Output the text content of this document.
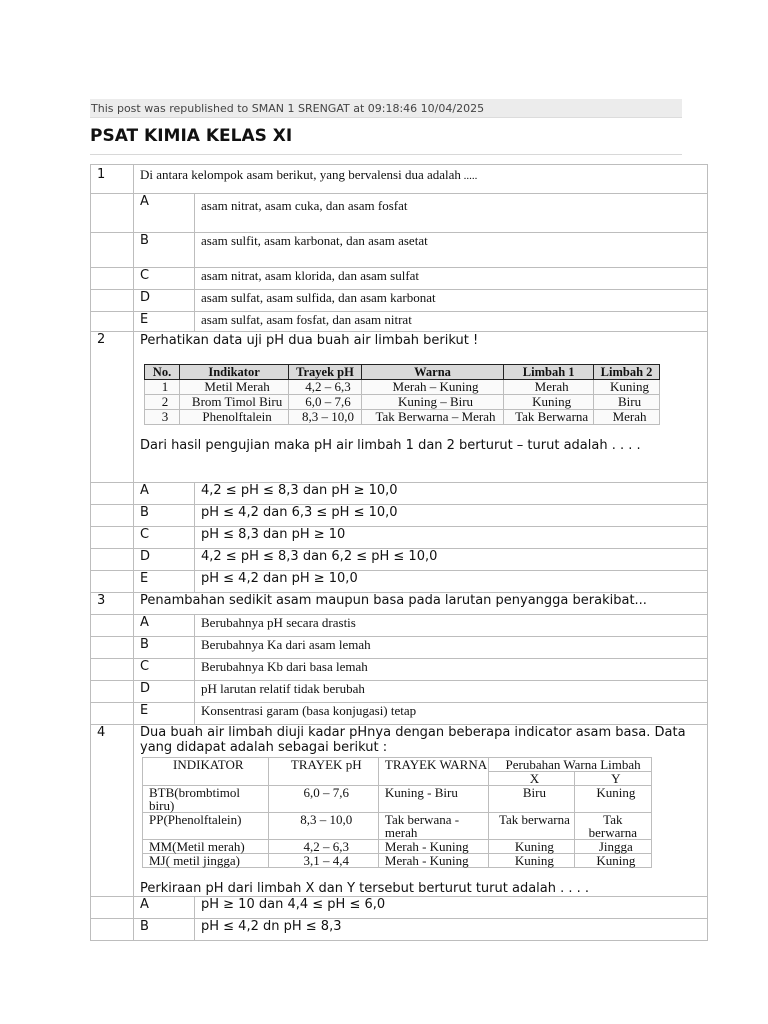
This post was republished to SMAN 1 SRENGAT at 09:18:46 10/04/2025
PSAT KIMIA KELAS XI
1	Di antara kelompok asam berikut, yang bervalensi dua adalah .....
	A	asam nitrat, asam cuka, dan asam fosfat
	B	asam sulfit, asam karbonat, dan asam asetat
	C	asam nitrat, asam klorida, dan asam sulfat
	D	asam sulfat, asam sulfida, dan asam karbonat
	E	asam sulfat, asam fosfat, dan asam nitrat
2	Perhatikan data uji pH dua buah air limbah berikut !
No.	Indikator	Trayek pH	Warna	Limbah 1	Limbah 2
1	Metil Merah	4,2 – 6,3	Merah – Kuning	Merah	Kuning
2	Brom Timol Biru	6,0 – 7,6	Kuning – Biru	Kuning	Biru
3	Phenolftalein	8,3 – 10,0	Tak Berwarna – Merah	Tak Berwarna	Merah
Dari hasil pengujian maka pH air limbah 1 dan 2 berturut – turut adalah . . . .

	A	4,2 ≤ pH ≤ 8,3 dan pH ≥ 10,0
	B	pH ≤ 4,2 dan 6,3 ≤ pH ≤ 10,0
	C	pH ≤ 8,3 dan pH ≥ 10
	D	4,2 ≤ pH ≤ 8,3 dan 6,2 ≤ pH ≤ 10,0
	E	pH ≤ 4,2 dan pH ≥ 10,0
3	Penambahan sedikit asam maupun basa pada larutan penyangga berakibat...
	A	Berubahnya pH secara drastis
	B	Berubahnya Ka dari asam lemah
	C	Berubahnya Kb dari basa lemah
	D	pH larutan relatif tidak berubah
	E	Konsentrasi garam (basa konjugasi) tetap
4	Dua buah air limbah diuji kadar pHnya dengan beberapa indicator asam basa. Data yang didapat adalah sebagai berikut :
INDIKATOR	TRAYEK pH	TRAYEK WARNA	Perubahan Warna Limbah
X	Y
BTB(brombtimol biru)	6,0 – 7,6	Kuning - Biru	Biru	Kuning
PP(Phenolftalein)	8,3 – 10,0	Tak berwana - merah	Tak berwarna	Tak berwarna
MM(Metil merah)	4,2 – 6,3	Merah - Kuning	Kuning	Jingga
MJ( metil jingga)	3,1 – 4,4	Merah - Kuning	Kuning	Kuning
Perkiraan pH dari limbah X dan Y tersebut berturut turut adalah . . . .

	A	pH ≥ 10 dan 4,4 ≤ pH ≤ 6,0
	B	pH ≤ 4,2 dn pH ≤ 8,3
